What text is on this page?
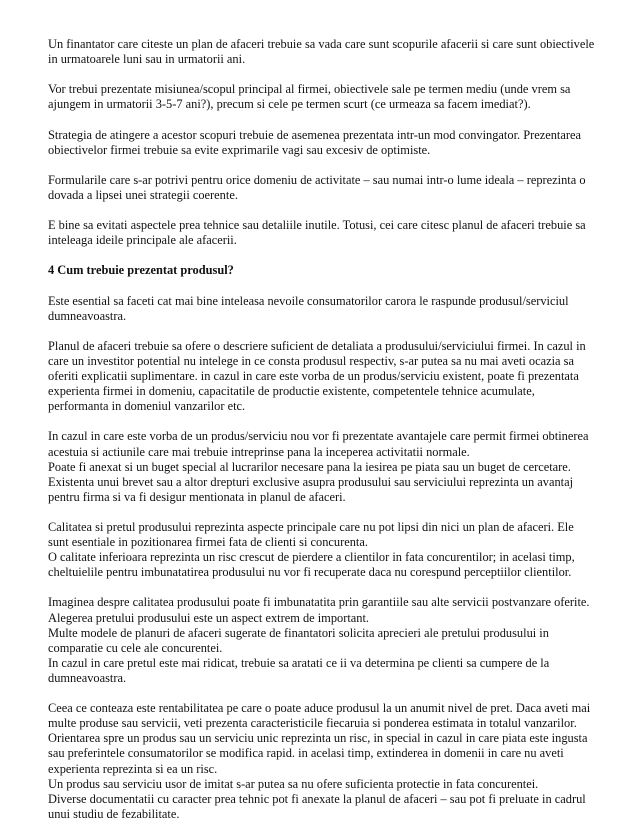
Un finantator care citeste un plan de afaceri trebuie sa vada care sunt scopurile afacerii si care sunt obiectivele in urmatoarele luni sau in urmatorii ani.

Vor trebui prezentate misiunea/scopul principal al firmei, obiectivele sale pe termen mediu (unde vrem sa ajungem in urmatorii 3-5-7 ani?), precum si cele pe termen scurt (ce urmeaza sa facem imediat?).

Strategia de atingere a acestor scopuri trebuie de asemenea prezentata intr-un mod convingator. Prezentarea obiectivelor firmei trebuie sa evite exprimarile vagi sau excesiv de optimiste.

Formularile care s-ar potrivi pentru orice domeniu de activitate – sau numai intr-o lume ideala – reprezinta o dovada a lipsei unei strategii coerente.

E bine sa evitati aspectele prea tehnice sau detaliile inutile. Totusi, cei care citesc planul de afaceri trebuie sa inteleaga ideile principale ale afacerii.

4 Cum trebuie prezentat produsul?

Este esential sa faceti cat mai bine inteleasa nevoile consumatorilor carora le raspunde produsul/serviciul dumneavoastra.

Planul de afaceri trebuie sa ofere o descriere suficient de detaliata a produsului/serviciului firmei. In cazul in care un investitor potential nu intelege in ce consta produsul respectiv, s-ar putea sa nu mai aveti ocazia sa oferiti explicatii suplimentare. in cazul in care este vorba de un produs/serviciu existent, poate fi prezentata experienta firmei in domeniu, capacitatile de productie existente, competentele tehnice acumulate, performanta in domeniul vanzarilor etc.

In cazul in care este vorba de un produs/serviciu nou vor fi prezentate avantajele care permit firmei obtinerea acestuia si actiunile care mai trebuie intreprinse pana la inceperea activitatii normale.
Poate fi anexat si un buget special al lucrarilor necesare pana la iesirea pe piata sau un buget de cercetare.
Existenta unui brevet sau a altor drepturi exclusive asupra produsului sau serviciului reprezinta un avantaj pentru firma si va fi desigur mentionata in planul de afaceri.

Calitatea si pretul produsului reprezinta aspecte principale care nu pot lipsi din nici un plan de afaceri. Ele sunt esentiale in pozitionarea firmei fata de clienti si concurenta.
O calitate inferioara reprezinta un risc crescut de pierdere a clientilor in fata concurentilor; in acelasi timp, cheltuielile pentru imbunatatirea produsului nu vor fi recuperate daca nu corespund perceptiilor clientilor.

Imaginea despre calitatea produsului poate fi imbunatatita prin garantiile sau alte servicii postvanzare oferite.
Alegerea pretului produsului este un aspect extrem de important.
Multe modele de planuri de afaceri sugerate de finantatori solicita aprecieri ale pretului produsului in comparatie cu cele ale concurentei.
In cazul in care pretul este mai ridicat, trebuie sa aratati ce ii va determina pe clienti sa cumpere de la dumneavoastra.

Ceea ce conteaza este rentabilitatea pe care o poate aduce produsul la un anumit nivel de pret. Daca aveti mai multe produse sau servicii, veti prezenta caracteristicile fiecaruia si ponderea estimata in totalul vanzarilor.
Orientarea spre un produs sau un serviciu unic reprezinta un risc, in special in cazul in care piata este ingusta sau preferintele consumatorilor se modifica rapid. in acelasi timp, extinderea in domenii in care nu aveti experienta reprezinta si ea un risc.
Un produs sau serviciu usor de imitat s-ar putea sa nu ofere suficienta protectie in fata concurentei.
Diverse documentatii cu caracter prea tehnic pot fi anexate la planul de afaceri – sau pot fi preluate in cadrul unui studiu de fezabilitate.
